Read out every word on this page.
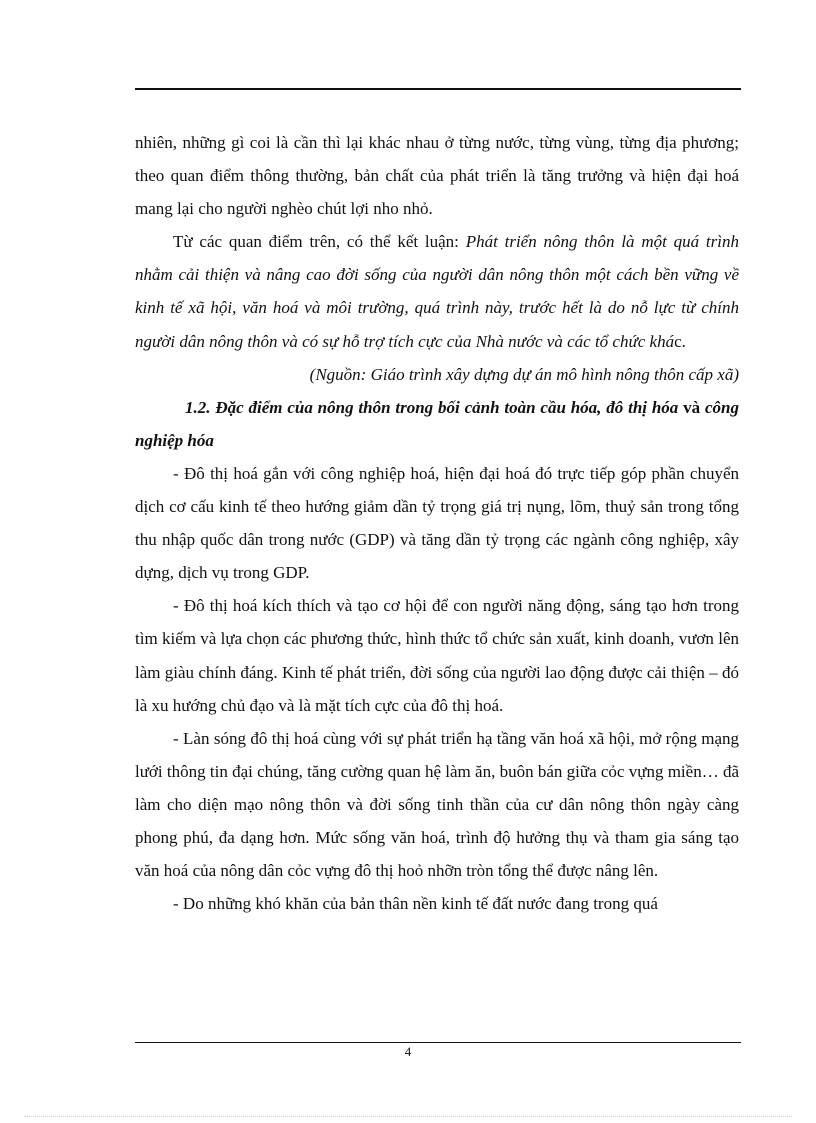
nhiên, những gì coi là cần thì lại khác nhau ở từng nước, từng vùng, từng địa phương; theo quan điểm thông thường, bản chất của phát triển là tăng trưởng và hiện đại hoá mang lại cho người nghèo chút lợi nho nhỏ.

Từ các quan điểm trên, có thể kết luận: Phát triển nông thôn là một quá trình nhằm cải thiện và nâng cao đời sống của người dân nông thôn một cách bền vững về kinh tế xã hội, văn hoá và môi trường, quá trình này, trước hết là do nỗ lực từ chính người dân nông thôn và có sự hỗ trợ tích cực của Nhà nước và các tổ chức khác.

(Nguồn: Giáo trình xây dựng dự án mô hình nông thôn cấp xã)

1.2. Đặc điểm của nông thôn trong bối cảnh toàn cầu hóa, đô thị hóa và công nghiệp hóa

- Đô thị hoá gắn với công nghiệp hoá, hiện đại hoá đó trực tiếp góp phần chuyển dịch cơ cấu kinh tế theo hướng giảm dần tỷ trọng giá trị nụng, lõm, thuỷ sản trong tổng thu nhập quốc dân trong nước (GDP) và tăng dần tỷ trọng các ngành công nghiệp, xây dựng, dịch vụ trong GDP.

- Đô thị hoá kích thích và tạo cơ hội để con người năng động, sáng tạo hơn trong tìm kiếm và lựa chọn các phương thức, hình thức tổ chức sản xuất, kinh doanh, vươn lên làm giàu chính đáng. Kinh tế phát triển, đời sống của người lao động được cải thiện – đó là xu hướng chủ đạo và là mặt tích cực của đô thị hoá.

- Làn sóng đô thị hoá cùng với sự phát triển hạ tầng văn hoá xã hội, mở rộng mạng lưới thông tin đại chúng, tăng cường quan hệ làm ăn, buôn bán giữa cỏc vựng miền… đã làm cho diện mạo nông thôn và đời sống tinh thần của cư dân nông thôn ngày càng phong phú, đa dạng hơn. Mức sống văn hoá, trình độ hưởng thụ và tham gia sáng tạo văn hoá của nông dân cỏc vựng đô thị hoỏ nhỡn tròn tổng thể được nâng lên.

- Do những khó khăn của bản thân nền kinh tế đất nước đang trong quá

4
